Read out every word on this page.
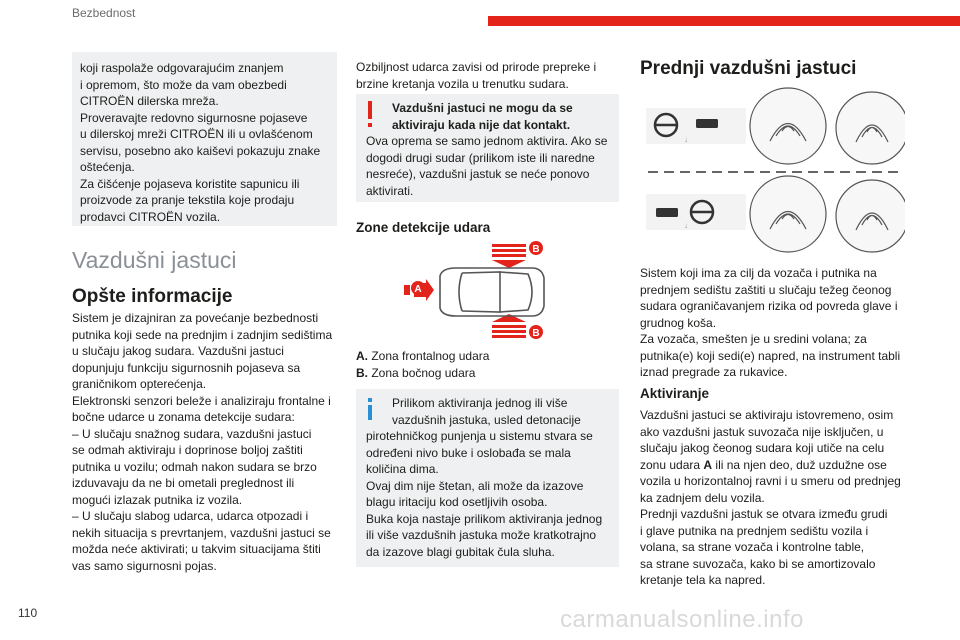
Bezbednost

koji raspolaže odgovarajućim znanjem
i opremom, što može da vam obezbedi
CITROËN dilerska mreža.
Proveravajte redovno sigurnosne pojaseve
u dilerskoj mreži CITROËN ili u ovlašćenom
servisu, posebno ako kaiševi pokazuju znake
oštećenja.
Za čišćenje pojaseva koristite sapunicu ili
proizvode za pranje tekstila koje prodaju
prodavci CITROËN vozila.

Vazdušni jastuci
Opšte informacije

Sistem je dizajniran za povećanje bezbednosti
putnika koji sede na prednjim i zadnjim sedištima
u slučaju jakog sudara. Vazdušni jastuci
dopunjuju funkciju sigurnosnih pojaseva sa
graničnikom opterećenja.
Elektronski senzori beleže i analiziraju frontalne i
bočne udarce u zonama detekcije sudara:
– U slučaju snažnog sudara, vazdušni jastuci
se odmah aktiviraju i doprinose boljoj zaštiti
putnika u vozilu; odmah nakon sudara se brzo
izduvavaju da ne bi ometali preglednost ili
mogući izlazak putnika iz vozila.
– U slučaju slabog udarca, udarca otpozadi i
nekih situacija s prevrtanjem, vazdušni jastuci se
možda neće aktivirati; u takvim situacijama štiti
vas samo sigurnosni pojas.

Ozbiljnost udarca zavisi od prirode prepreke i
brzine kretanja vozila u trenutku sudara.

Vazdušni jastuci ne mogu da se
aktiviraju kada nije dat kontakt.

Ova oprema se samo jednom aktivira. Ako se
dogodi drugi sudar (prilikom iste ili naredne
nesreće), vazdušni jastuk se neće ponovo
aktivirati.

Zone detekcije udara
A
B
B

A. Zona frontalnog udara

B. Zona bočnog udara

Prilikom aktiviranja jednog ili više
vazdušnih jastuka, usled detonacije

pirotehničkog punjenja u sistemu stvara se
određeni nivo buke i oslobađa se mala
količina dima.
Ovaj dim nije štetan, ali može da izazove
blagu iritaciju kod osetljivih osoba.
Buka koja nastaje prilikom aktiviranja jednog
ili više vazdušnih jastuka može kratkotrajno
da izazove blagi gubitak čula sluha.

Prednji vazdušni jastuci
↓
↓

Sistem koji ima za cilj da vozača i putnika na
prednjem sedištu zaštiti u slučaju težeg čeonog
sudara ograničavanjem rizika od povreda glave i
grudnog koša.
Za vozača, smešten je u sredini volana; za
putnika(e) koji sedi(e) napred, na instrument tabli
iznad pregrade za rukavice.

Aktiviranje

Vazdušni jastuci se aktiviraju istovremeno, osim
ako vazdušni jastuk suvozača nije isključen, u
slučaju jakog čeonog sudara koji utiče na celu
zonu udara A ili na njen deo, duž uzdužne ose
vozila u horizontalnoj ravni i u smeru od prednjeg
ka zadnjem delu vozila.
Prednji vazdušni jastuk se otvara između grudi
i glave putnika na prednjem sedištu vozila i
volana, sa strane vozača i kontrolne table,
sa strane suvozača, kako bi se amortizovalo
kretanje tela ka napred.

110	carmanualsonline.info
